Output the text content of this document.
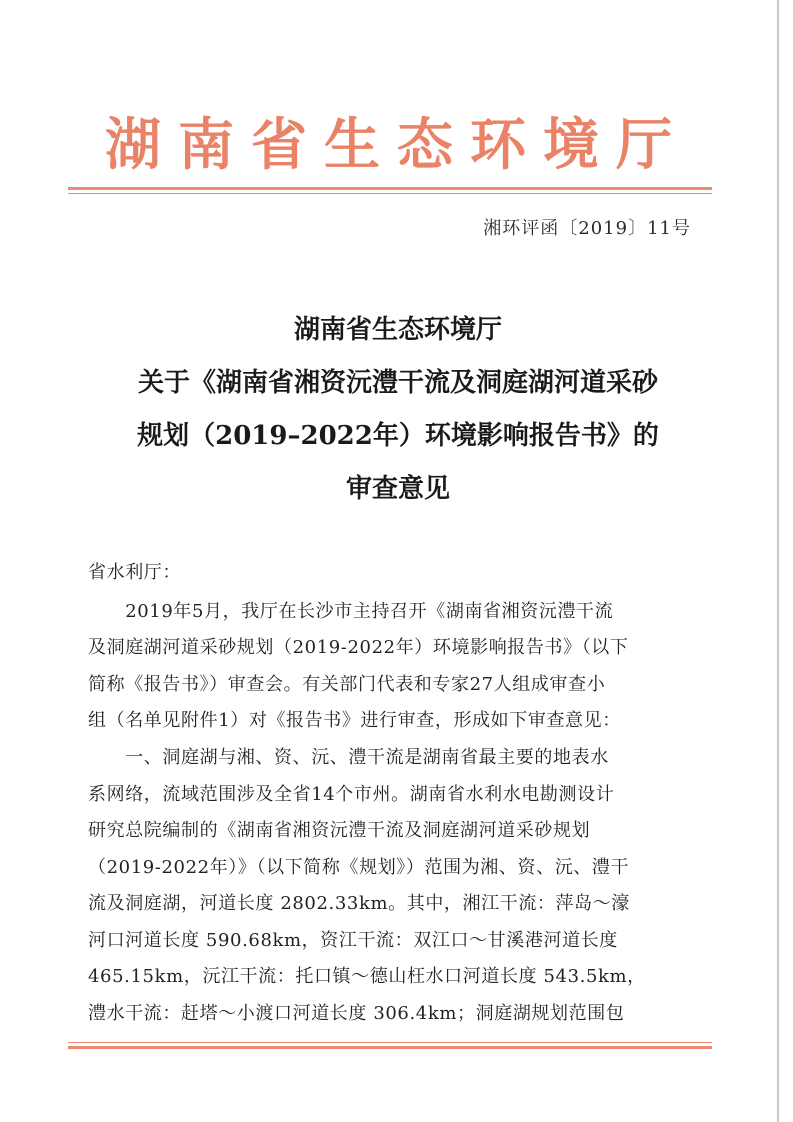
湖南省生态环境厅
湘环评函〔2019〕11号
湖南省生态环境厅
关于《湖南省湘资沅澧干流及洞庭湖河道采砂
规划（2019–2022年）环境影响报告书》的
审查意见
省水利厅：
　　2019年5月，我厅在长沙市主持召开《湖南省湘资沅澧干流
及洞庭湖河道采砂规划（2019-2022年）环境影响报告书》（以下
简称《报告书》）审查会。有关部门代表和专家27人组成审查小
组（名单见附件1）对《报告书》进行审查，形成如下审查意见：
　　一、洞庭湖与湘、资、沅、澧干流是湖南省最主要的地表水
系网络，流域范围涉及全省14个市州。湖南省水利水电勘测设计
研究总院编制的《湖南省湘资沅澧干流及洞庭湖河道采砂规划
（2019-2022年）》（以下简称《规划》）范围为湘、资、沅、澧干
流及洞庭湖，河道长度 2802.33km。其中，湘江干流：萍岛～濠
河口河道长度 590.68km，资江干流：双江口～甘溪港河道长度
465.15km，沅江干流：托口镇～德山枉水口河道长度 543.5km，
澧水干流：赶塔～小渡口河道长度 306.4km；洞庭湖规划范围包
